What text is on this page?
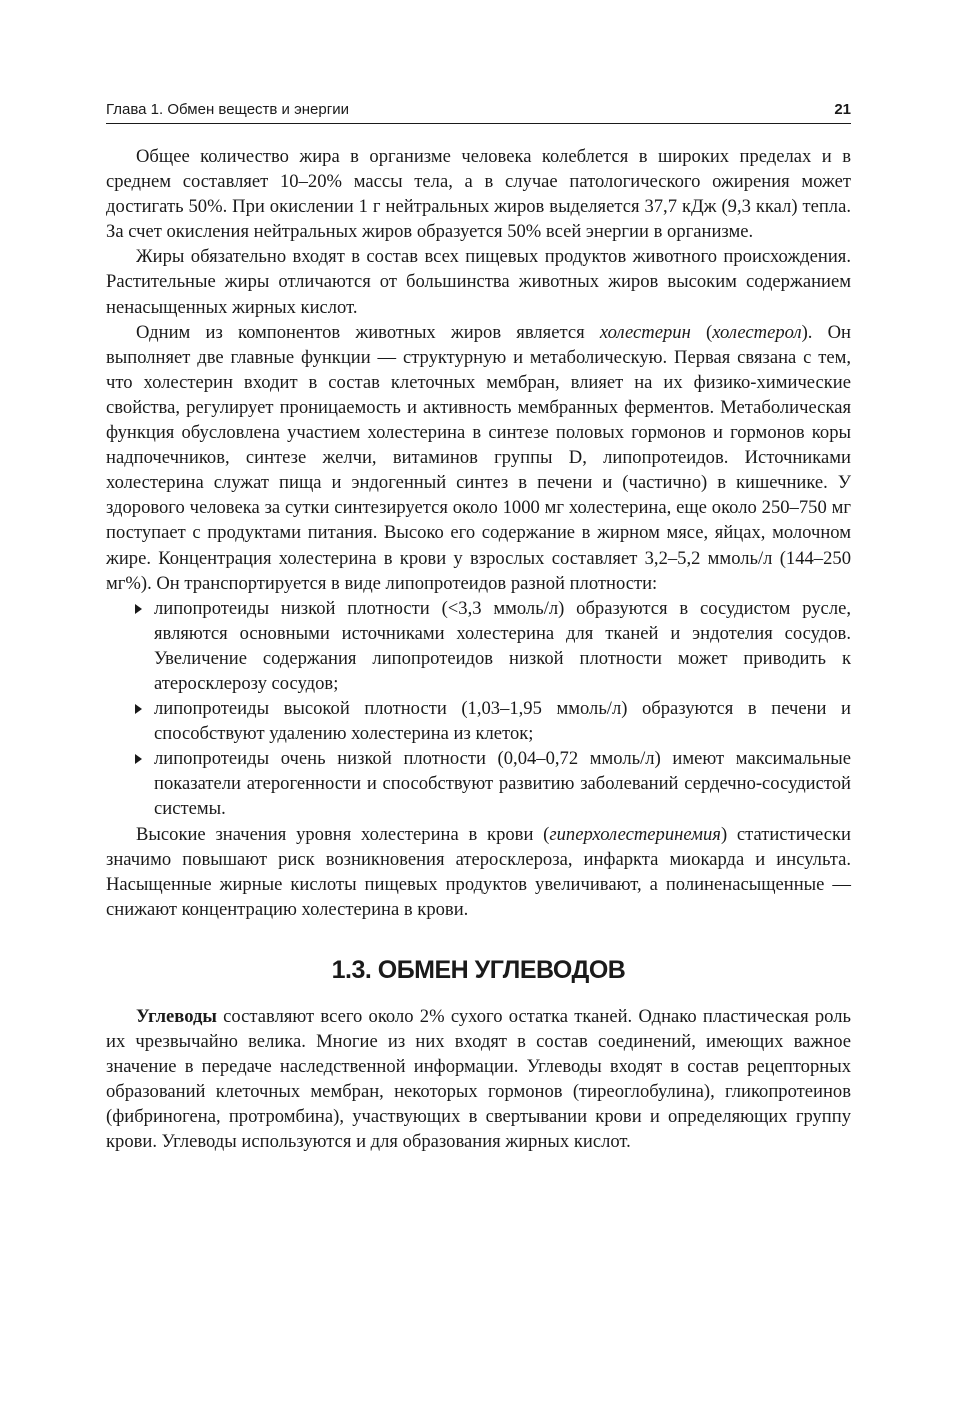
Глава 1. Обмен веществ и энергии	21

Общее количество жира в организме человека колеблется в широких пределах и в среднем составляет 10–20% массы тела, а в случае патологического ожирения может достигать 50%. При окислении 1 г нейтральных жиров выделяется 37,7 кДж (9,3 ккал) тепла. За счет окисления нейтральных жиров образуется 50% всей энергии в организме.

Жиры обязательно входят в состав всех пищевых продуктов животного происхождения. Растительные жиры отличаются от большинства животных жиров высоким содержанием ненасыщенных жирных кислот.

Одним из компонентов животных жиров является холестерин (холестерол). Он выполняет две главные функции — структурную и метаболическую. Первая связана с тем, что холестерин входит в состав клеточных мембран, влияет на их физико-химические свойства, регулирует проницаемость и активность мембранных ферментов. Метаболическая функция обусловлена участием холестерина в синтезе половых гормонов и гормонов коры надпочечников, синтезе желчи, витаминов группы D, липопротеидов. Источниками холестерина служат пища и эндогенный синтез в печени и (частично) в кишечнике. У здорового человека за сутки синтезируется около 1000 мг холестерина, еще около 250–750 мг поступает с продуктами питания. Высоко его содержание в жирном мясе, яйцах, молочном жире. Концентрация холестерина в крови у взрослых составляет 3,2–5,2 ммоль/л (144–250 мг%). Он транспортируется в виде липопротеидов разной плотности:

липопротеиды низкой плотности (<3,3 ммоль/л) образуются в сосудистом русле, являются основными источниками холестерина для тканей и эндотелия сосудов. Увеличение содержания липопротеидов низкой плотности может приводить к атеросклерозу сосудов;
липопротеиды высокой плотности (1,03–1,95 ммоль/л) образуются в печени и способствуют удалению холестерина из клеток;
липопротеиды очень низкой плотности (0,04–0,72 ммоль/л) имеют максимальные показатели атерогенности и способствуют развитию заболеваний сердечно-сосудистой системы.

Высокие значения уровня холестерина в крови (гиперхолестеринемия) статистически значимо повышают риск возникновения атеросклероза, инфаркта миокарда и инсульта. Насыщенные жирные кислоты пищевых продуктов увеличивают, а полиненасыщенные — снижают концентрацию холестерина в крови.

1.3. ОБМЕН УГЛЕВОДОВ

Углеводы составляют всего около 2% сухого остатка тканей. Однако пластическая роль их чрезвычайно велика. Многие из них входят в состав соединений, имеющих важное значение в передаче наследственной информации. Углеводы входят в состав рецепторных образований клеточных мембран, некоторых гормонов (тиреоглобулина), гликопротеинов (фибриногена, протромбина), участвующих в свертывании крови и определяющих группу крови. Углеводы используются и для образования жирных кислот.
